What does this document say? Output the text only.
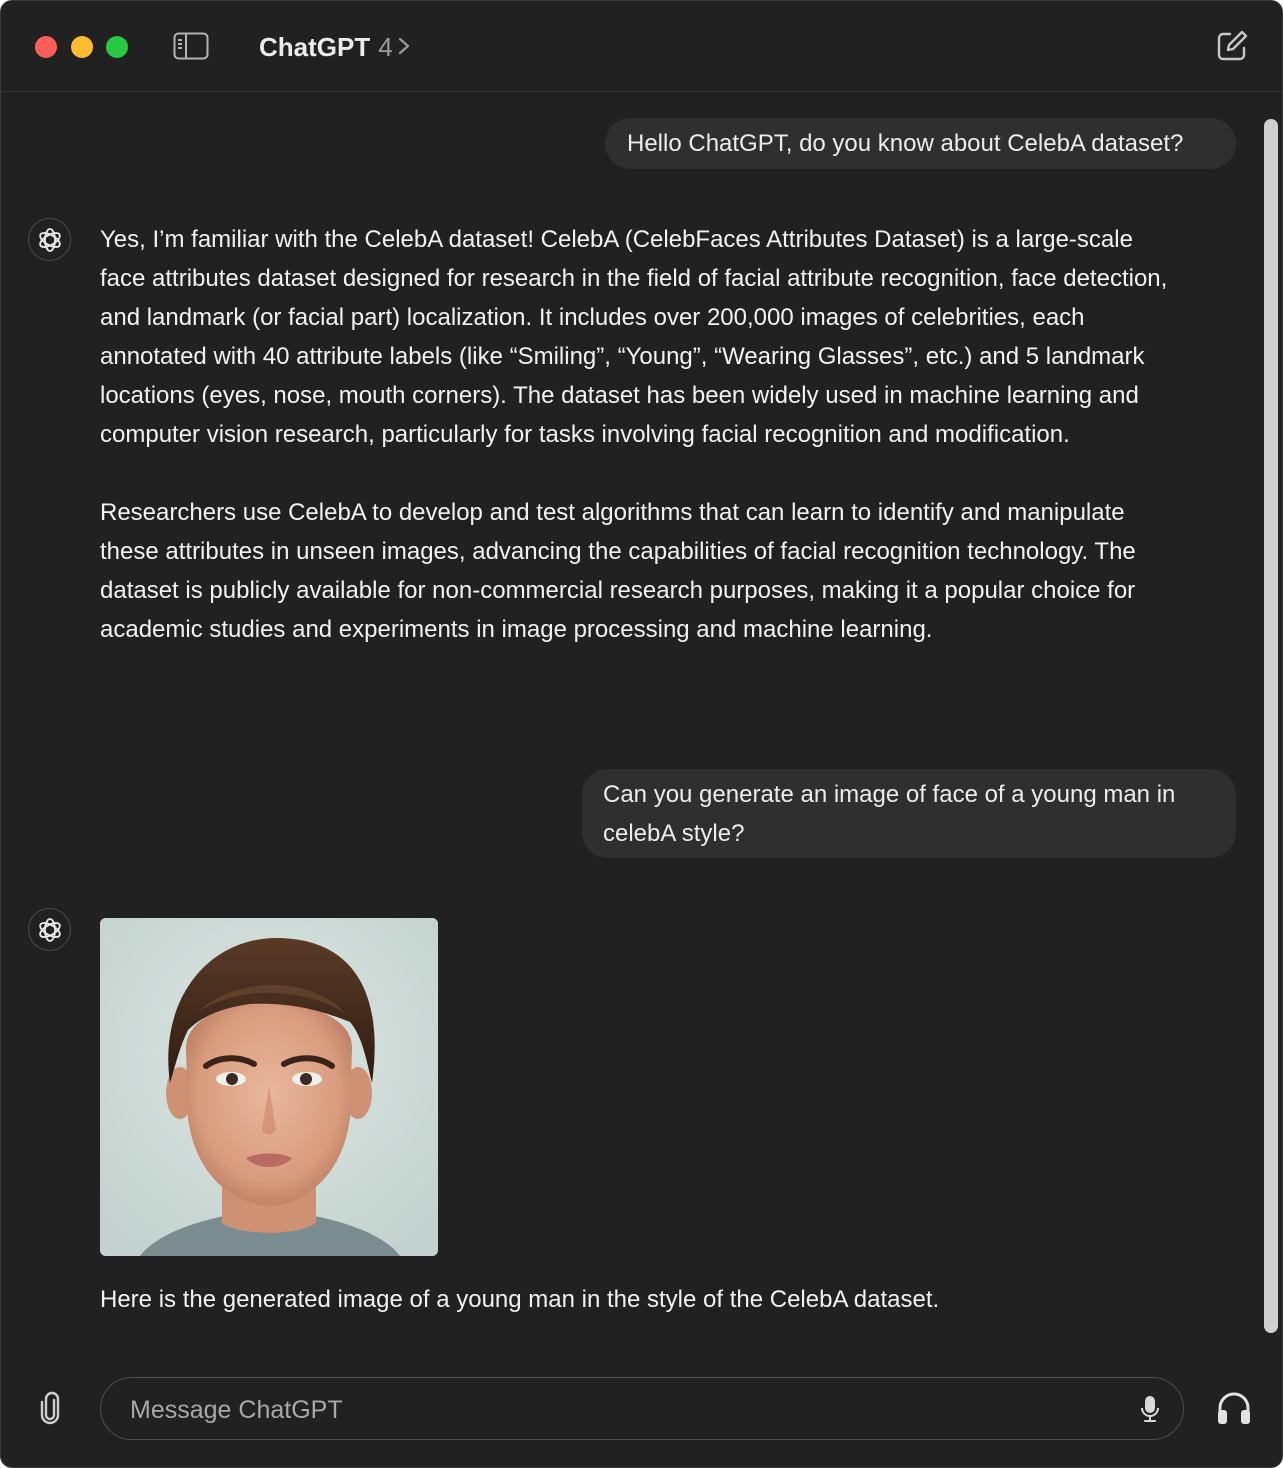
ChatGPT 4
Hello ChatGPT, do you know about CelebA dataset?

Yes, I’m familiar with the CelebA dataset! CelebA (CelebFaces Attributes Dataset) is a large-scale face attributes dataset designed for research in the field of facial attribute recognition, face detection, and landmark (or facial part) localization. It includes over 200,000 images of celebrities, each annotated with 40 attribute labels (like “Smiling”, “Young”, “Wearing Glasses”, etc.) and 5 landmark locations (eyes, nose, mouth corners). The dataset has been widely used in machine learning and computer vision research, particularly for tasks involving facial recognition and modification.

Researchers use CelebA to develop and test algorithms that can learn to identify and manipulate these attributes in unseen images, advancing the capabilities of facial recognition technology. The dataset is publicly available for non-commercial research purposes, making it a popular choice for academic studies and experiments in image processing and machine learning.

Can you generate an image of face of a young man in celebA style?
Here is the generated image of a young man in the style of the CelebA dataset.
Message ChatGPT
